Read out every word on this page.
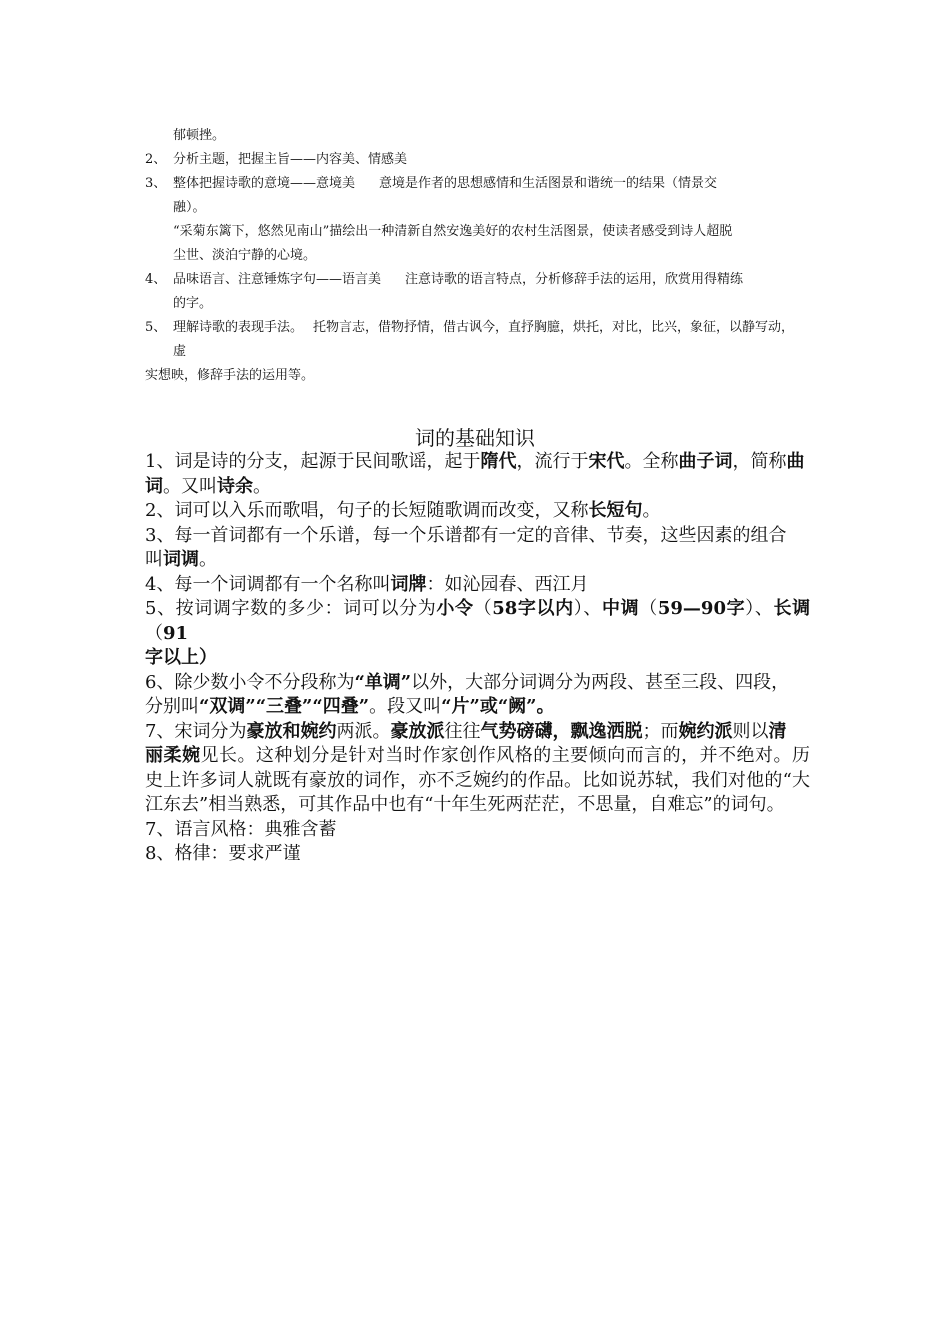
郁顿挫。
2、 分析主题，把握主旨——内容美、情感美
3、 整体把握诗歌的意境——意境美 意境是作者的思想感情和生活图景和谐统一的结果（情景交
融）。
“采菊东篱下，悠然见南山”描绘出一种清新自然安逸美好的农村生活图景，使读者感受到诗人超脱
尘世、淡泊宁静的心境。
4、 品味语言、注意锤炼字句——语言美 注意诗歌的语言特点，分析修辞手法的运用，欣赏用得精练
的字。
5、 理解诗歌的表现手法。 托物言志，借物抒情，借古讽今，直抒胸臆，烘托，对比，比兴，象征，以静写动，
虚
实想映，修辞手法的运用等。
词的基础知识

1、词是诗的分支，起源于民间歌谣，起于隋代，流行于宋代。全称曲子词，简称曲
词。又叫诗余。

2、词可以入乐而歌唱，句子的长短随歌调而改变，又称长短句。

3、每一首词都有一个乐谱，每一个乐谱都有一定的音律、节奏，这些因素的组合
叫词调。

4、每一个词调都有一个名称叫词牌：如沁园春、西江月

5、按词调字数的多少：词可以分为小令（58字以内）、中调（59—90字）、长调（91
字以上）

6、除少数小令不分段称为“单调”以外，大部分词调分为两段、甚至三段、四段，
分别叫“双调”“三叠”“四叠”。段又叫“片”或“阙”。

7、宋词分为豪放和婉约两派。豪放派往往气势磅礴，飘逸洒脱；而婉约派则以清
丽柔婉见长。这种划分是针对当时作家创作风格的主要倾向而言的，并不绝对。历史上许多词人就既有豪放的词作，亦不乏婉约的作品。比如说苏轼，我们对他的“大江东去”相当熟悉，可其作品中也有“十年生死两茫茫，不思量，自难忘”的词句。

7、语言风格：典雅含蓄

8、格律：要求严谨
